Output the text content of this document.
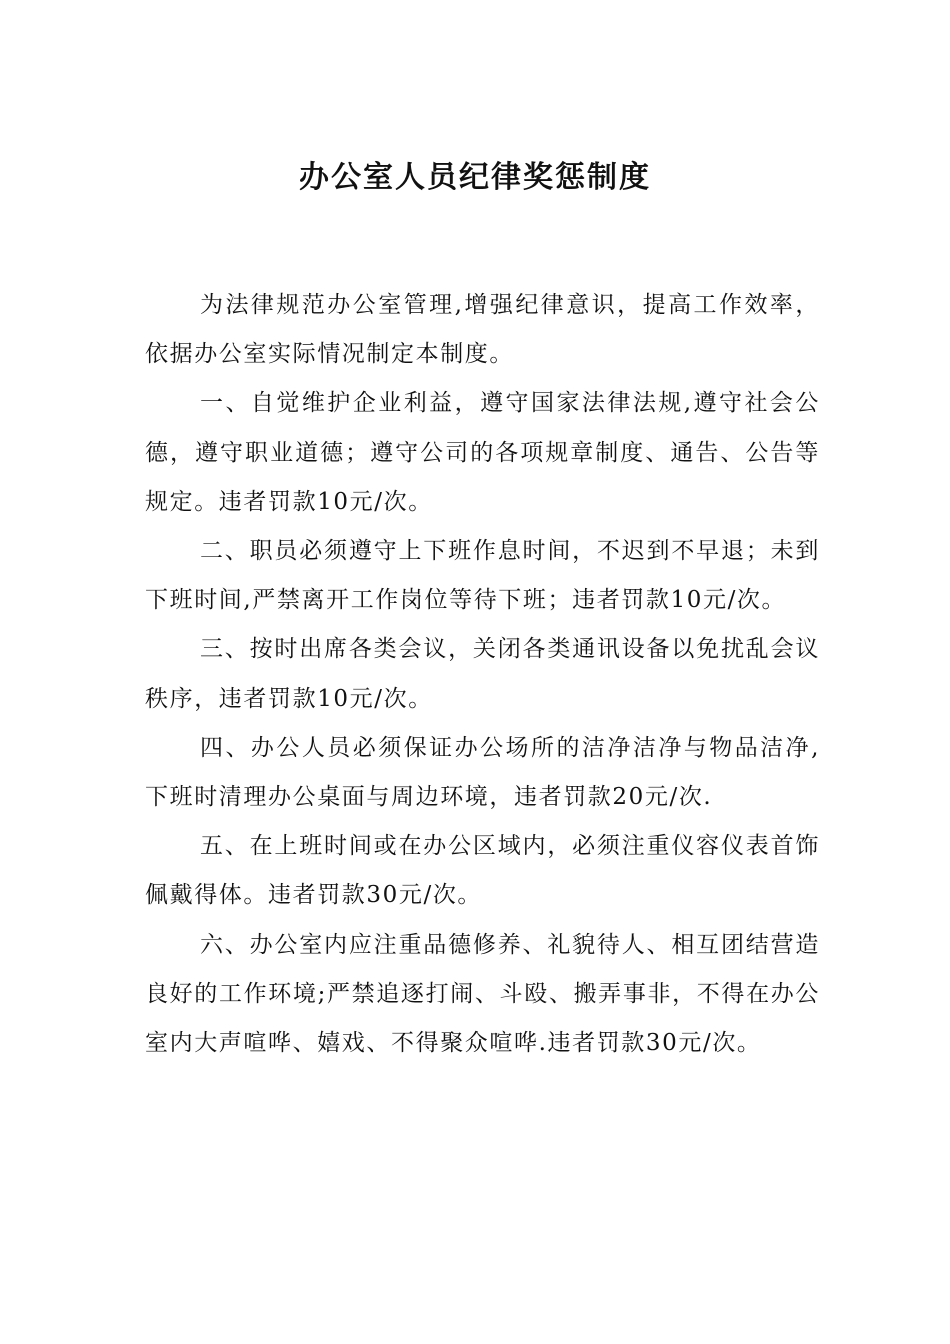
办公室人员纪律奖惩制度

为法律规范办公室管理,增强纪律意识，提高工作效率，依据办公室实际情况制定本制度。

一、自觉维护企业利益，遵守国家法律法规,遵守社会公德，遵守职业道德；遵守公司的各项规章制度、通告、公告等规定。违者罚款10元/次。

二、职员必须遵守上下班作息时间，不迟到不早退；未到下班时间,严禁离开工作岗位等待下班；违者罚款10元/次。

三、按时出席各类会议，关闭各类通讯设备以免扰乱会议秩序，违者罚款10元/次。

四、办公人员必须保证办公场所的洁净洁净与物品洁净,下班时清理办公桌面与周边环境，违者罚款20元/次.

五、在上班时间或在办公区域内，必须注重仪容仪表首饰佩戴得体。违者罚款30元/次。

六、办公室内应注重品德修养、礼貌待人、相互团结营造良好的工作环境;严禁追逐打闹、斗殴、搬弄事非，不得在办公室内大声喧哗、嬉戏、不得聚众喧哗.违者罚款30元/次。
